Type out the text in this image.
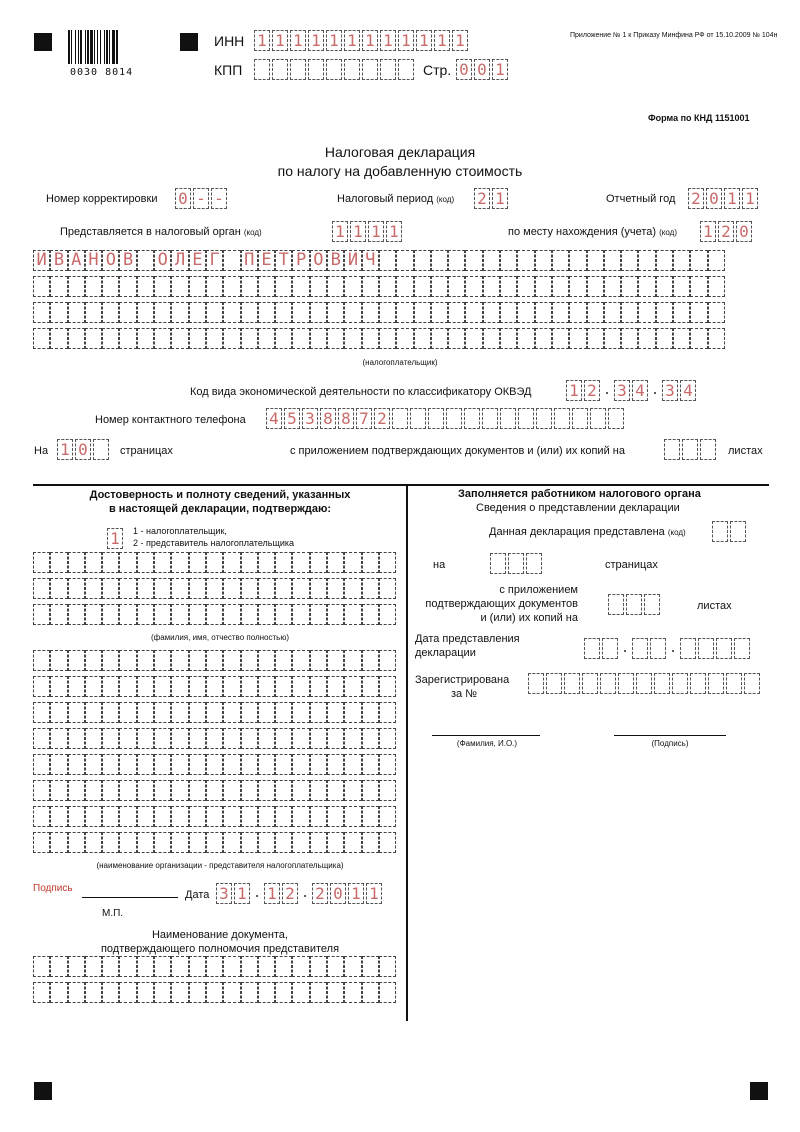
0030 8014
ИНН 1 1 1 1 1 1 1 1 1 1 1 1
КПП	Стр. 0 0 1
Приложение № 1 к Приказу Минфина РФ от 15.10.2009 № 104н
Форма по КНД 1151001
Налоговая декларация
по налогу на добавленную стоимость
Номер корректировки 0 - -	Налоговый период (код) 2 1	Отчетный год 2 0 1 1
Представляется в налоговый орган (код)	1 1 1 1	по месту нахождения (учета) (код) 1 2 0
И В А Н О В О Л Е Г П Е Т Р О В И Ч
(налогоплательщик)
Код вида экономической деятельности по классификатору ОКВЭД 1 2 . 3 4 . 3 4
Номер контактного телефона 4 5 3 8 8 7 2
На 1 0	страницах	с приложением подтверждающих документов и (или) их копий на	листах
Достоверность и полноту сведений, указанных
в настоящей декларации, подтверждаю:
1	1 - налогоплательщик,
2 - представитель налогоплательщика
(фамилия, имя, отчество полностью)
(наименование организации - представителя налогоплательщика)
Подпись
Дата 3 1 . 1 2 . 2 0 1 1
М.П.
Наименование документа,
подтверждающего полномочия представителя
Заполняется работником налогового органа
Сведения о представлении декларации
Данная декларация представлена (код)
на	страницах
с приложением
подтверждающих документов
и (или) их копий на
листах
Дата представления
декларации	.	.
Зарегистрирована
за №
(Фамилия, И.О.)	(Подпись)
